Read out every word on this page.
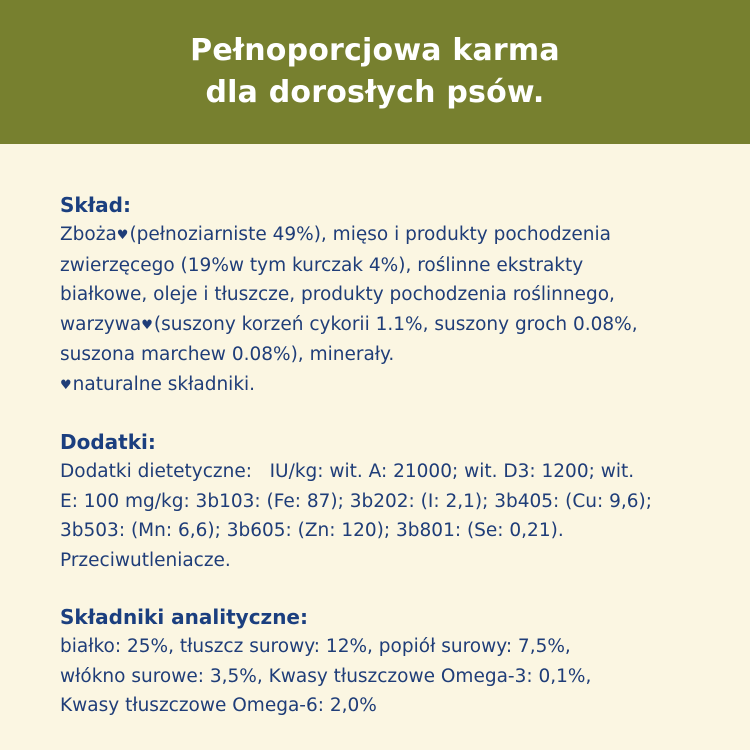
Pełnoporcjowa karma
dla dorosłych psów.
Skład:
Zboża♥(pełnoziarniste 49%), mięso i produkty pochodzenia
zwierzęcego (19%w tym kurczak 4%), roślinne ekstrakty
białkowe, oleje i tłuszcze, produkty pochodzenia roślinnego,
warzywa♥(suszony korzeń cykorii 1.1%, suszony groch 0.08%,
suszona marchew 0.08%), minerały.
♥naturalne składniki.
Dodatki:
Dodatki dietetyczne:   IU/kg: wit. A: 21000; wit. D3: 1200; wit.
E: 100 mg/kg: 3b103: (Fe: 87); 3b202: (I: 2,1); 3b405: (Cu: 9,6);
3b503: (Mn: 6,6); 3b605: (Zn: 120); 3b801: (Se: 0,21).
Przeciwutleniacze.
Składniki analityczne:
białko: 25%, tłuszcz surowy: 12%, popiół surowy: 7,5%,
włókno surowe: 3,5%, Kwasy tłuszczowe Omega-3: 0,1%,
Kwasy tłuszczowe Omega-6: 2,0%
